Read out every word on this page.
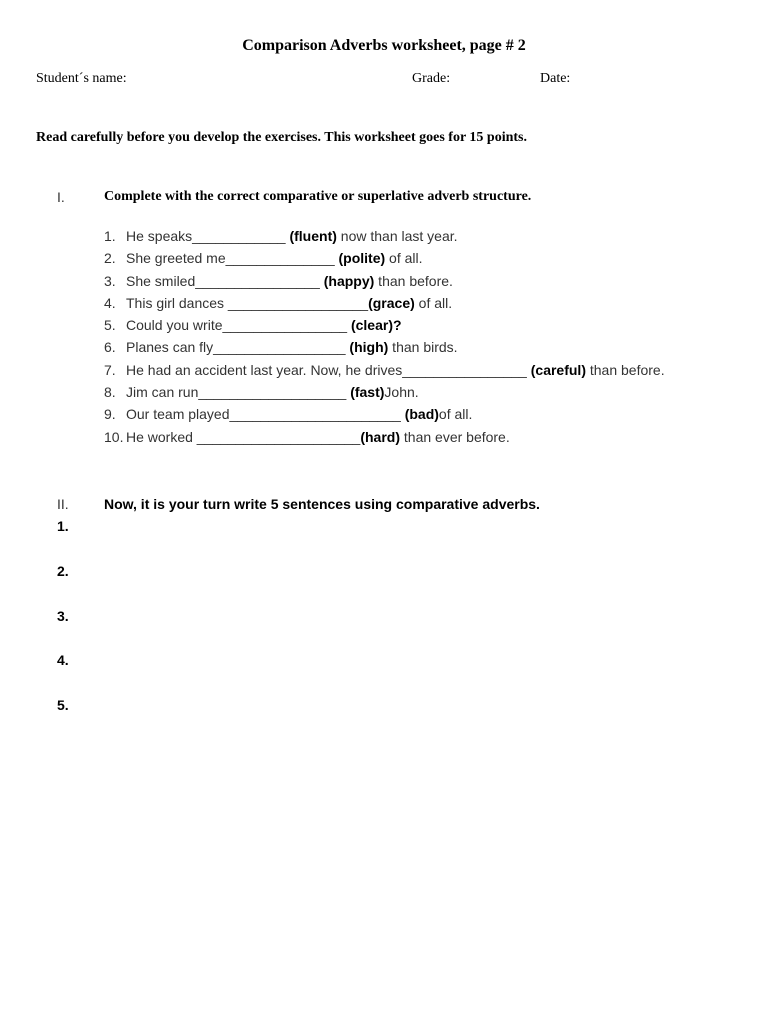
Comparison Adverbs worksheet, page # 2
Student´s name:	Grade:	Date:
Read carefully before you develop the exercises. This worksheet goes for 15 points.
I.	Complete with the correct comparative or superlative adverb structure.
1. He speaks____________ (fluent) now than last year.
2. She greeted me______________ (polite) of all.
3. She smiled________________ (happy) than before.
4. This girl dances __________________(grace) of all.
5. Could you write________________ (clear)?
6. Planes can fly_________________ (high) than birds.
7. He had an accident last year. Now, he drives________________ (careful) than before.
8. Jim can run___________________ (fast)John.
9. Our team played______________________ (bad)of all.
10. He worked _____________________(hard) than ever before.
II.	Now, it is your turn write 5 sentences using comparative adverbs.
1.
2.
3.
4.
5.
